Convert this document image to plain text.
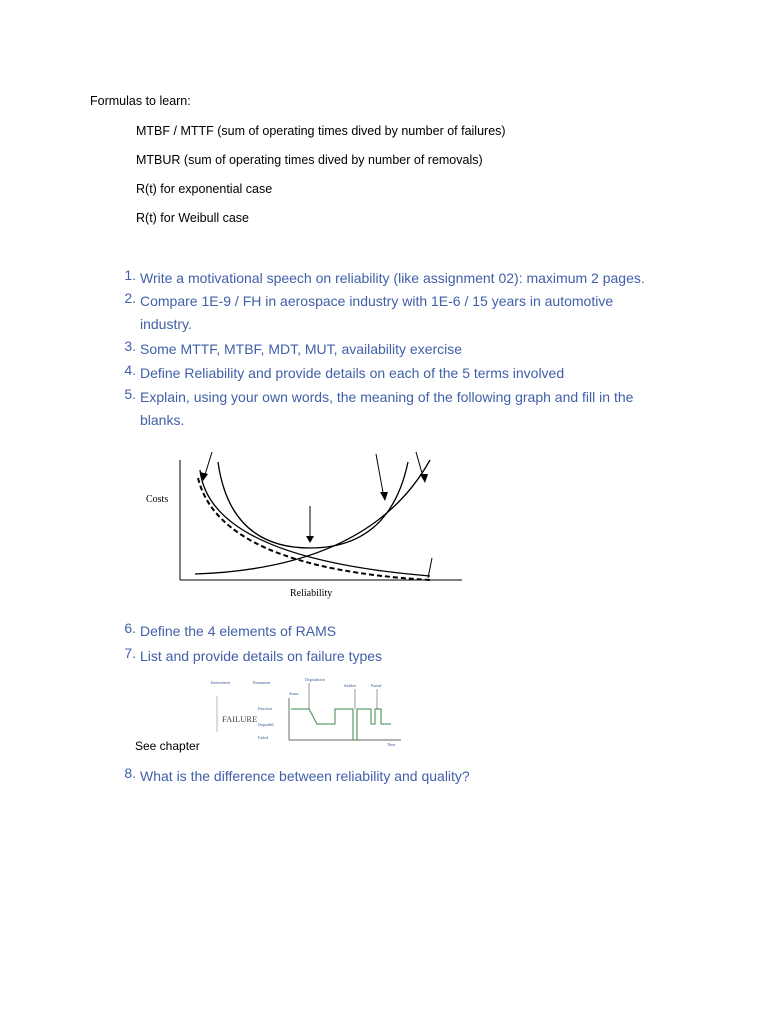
Formulas to learn:
MTBF / MTTF (sum of operating times dived by number of failures)
MTBUR (sum of operating times dived by number of removals)
R(t) for exponential case
R(t) for Weibull case
1. Write a motivational speech on reliability (like assignment 02): maximum 2 pages.
2. Compare 1E-9 / FH in aerospace industry with 1E-6 / 15 years in automotive industry.
3. Some MTTF, MTBF, MDT, MUT, availability exercise
4. Define Reliability and provide details on each of the 5 terms involved
5. Explain, using your own words, the meaning of the following graph and fill in the blanks.
Costs
Reliability
6. Define the 4 elements of RAMS
7. List and provide details on failure types
Intermittent	Permanent
Degradation
Sudden	Partial
Status
Function
Degraded
Failed
Time
FAILURE
See chapter
8. What is the difference between reliability and quality?
